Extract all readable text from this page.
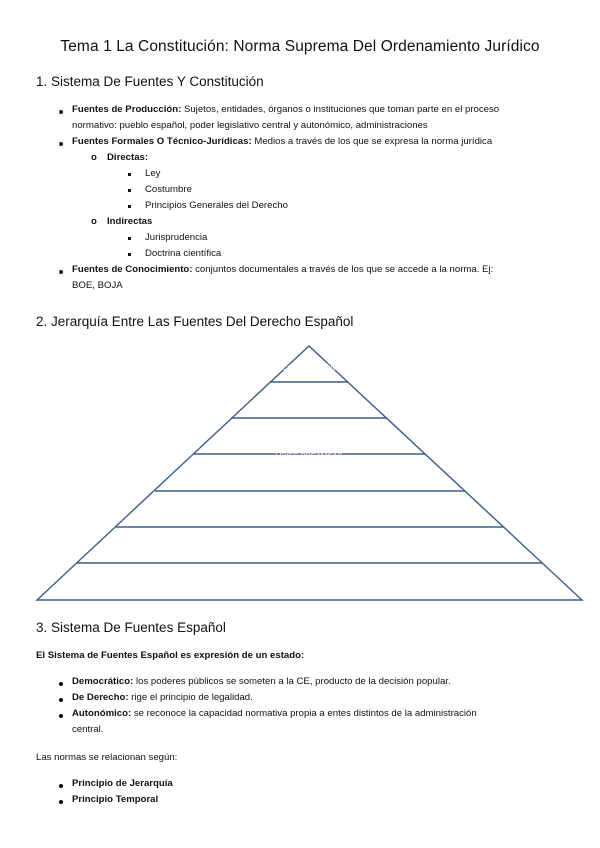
Tema 1 La Constitución: Norma Suprema Del Ordenamiento Jurídico
1. Sistema De Fuentes Y Constitución
Fuentes de Producción: Sujetos, entidades, órganos o instituciones que toman parte en el proceso
normativo: pueblo español, poder legislativo central y autonómico, administraciones
Fuentes Formales O Técnico-Jurídicas: Medios a través de los que se expresa la norma jurídica
o Directas:
Ley
Costumbre
Principios Generales del Derecho
o Indirectas
Jurisprudencia
Doctrina científica
Fuentes de Conocimiento: conjuntos documentales a través de los que se accede a la norma. Ej:
BOE, BOJA
2. Jerarquía Entre Las Fuentes Del Derecho Español
CONSTITUCIÓN
LEYES ORGÁNICAS
3. Sistema De Fuentes Español
El Sistema de Fuentes Español es expresión de un estado:
Democrático: los poderes públicos se someten a la CE, producto de la decisión popular.
De Derecho: rige el principio de legalidad.
Autonómico: se reconoce la capacidad normativa propia a entes distintos de la administración
central.
Las normas se relacionan según:
Principio de Jerarquía
Principio Temporal
